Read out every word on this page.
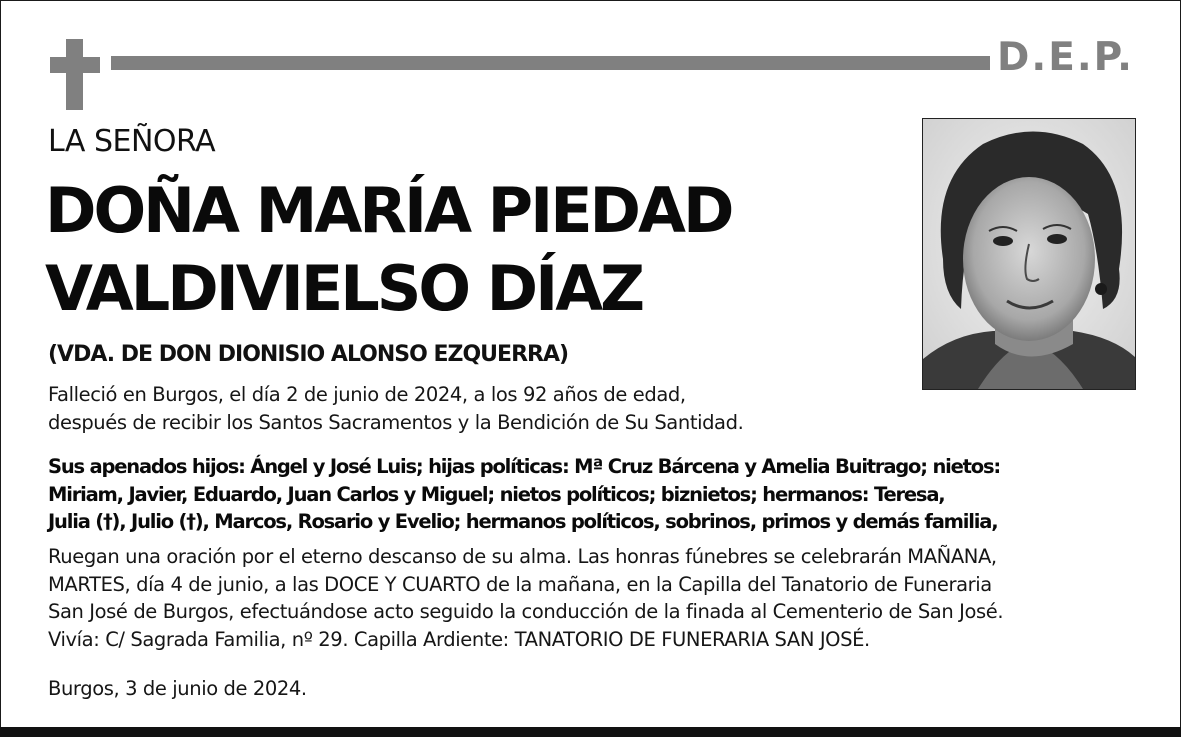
D.E.P.
LA SEÑORA
DOÑA MARÍA PIEDAD
VALDIVIELSO DÍAZ
(VDA. DE DON DIONISIO ALONSO EZQUERRA)
Falleció en Burgos, el día 2 de junio de 2024, a los 92 años de edad,
después de recibir los Santos Sacramentos y la Bendición de Su Santidad.
Sus apenados hijos: Ángel y José Luis; hijas políticas: Mª Cruz Bárcena y Amelia Buitrago; nietos:
Miriam, Javier, Eduardo, Juan Carlos y Miguel; nietos políticos; biznietos; hermanos: Teresa,
Julia (†), Julio (†), Marcos, Rosario y Evelio; hermanos políticos, sobrinos, primos y demás familia,
Ruegan una oración por el eterno descanso de su alma. Las honras fúnebres se celebrarán MAÑANA,
MARTES, día 4 de junio, a las DOCE Y CUARTO de la mañana, en la Capilla del Tanatorio de Funeraria
San José de Burgos, efectuándose acto seguido la conducción de la finada al Cementerio de San José.
Vivía: C/ Sagrada Familia, nº 29. Capilla Ardiente: TANATORIO DE FUNERARIA SAN JOSÉ.
Burgos, 3 de junio de 2024.
